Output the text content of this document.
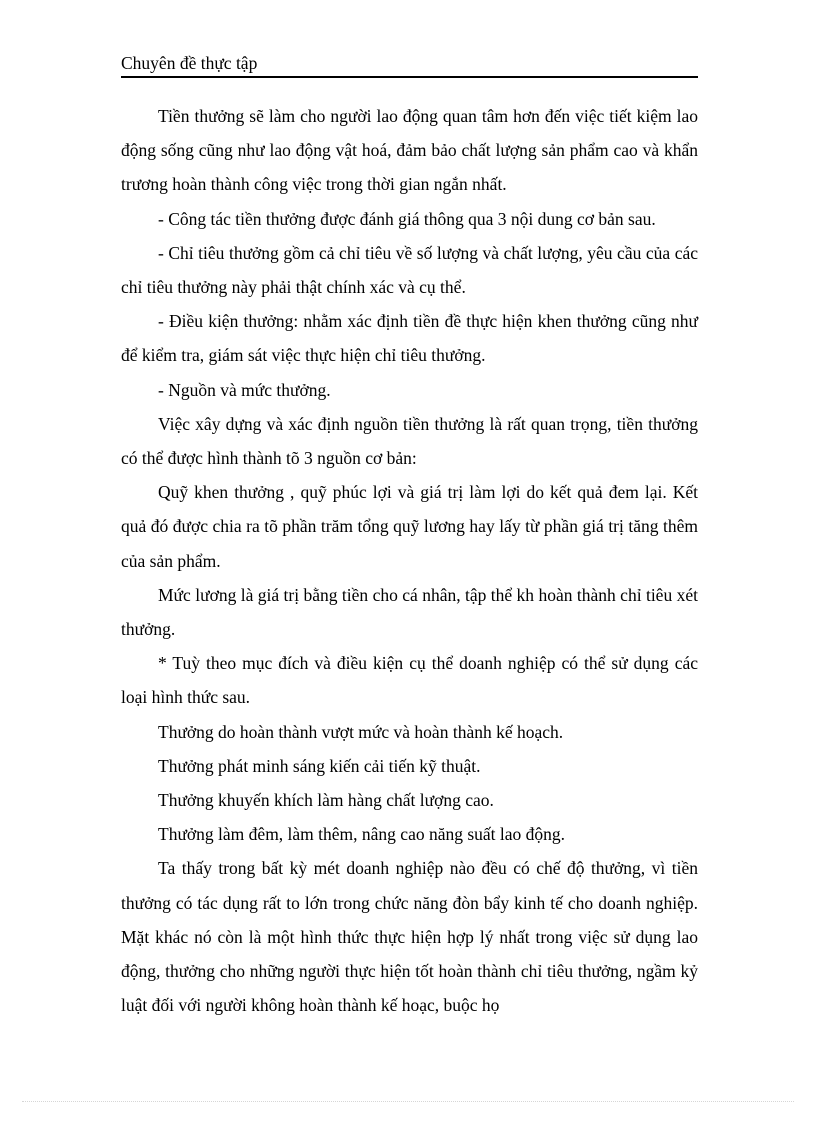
Chuyên đề thực tập

Tiền thưởng sẽ làm cho người lao động quan tâm hơn đến việc tiết kiệm lao động sống cũng như lao động vật hoá, đảm bảo chất lượng sản phẩm cao và khẩn trương hoàn thành công việc trong thời gian ngắn nhất.

- Công tác tiền thưởng được đánh giá thông qua 3 nội dung cơ bản sau.

- Chỉ tiêu thưởng gồm cả chỉ tiêu về số lượng và chất lượng, yêu cầu của các chỉ tiêu thưởng này phải thật chính xác và cụ thể.

- Điều kiện thưởng: nhằm xác định tiền đề thực hiện khen thưởng cũng như để kiểm tra, giám sát việc thực hiện chỉ tiêu thưởng.

- Nguồn và mức thưởng.

Việc xây dựng và xác định nguồn tiền thưởng là rất quan trọng, tiền thưởng có thể được hình thành tõ 3 nguồn cơ bản:

Quỹ khen thưởng , quỹ phúc lợi và giá trị làm lợi do kết quả đem lại. Kết quả đó được chia ra tõ phần trăm tổng quỹ lương hay lấy từ phần giá trị tăng thêm của sản phẩm.

Mức lương là giá trị bằng tiền cho cá nhân, tập thể kh hoàn thành chỉ tiêu xét thưởng.

* Tuỳ theo mục đích và điều kiện cụ thể doanh nghiệp có thể sử dụng các loại hình thức sau.

Thưởng do hoàn thành vượt mức và hoàn thành kế hoạch.

Thưởng phát minh sáng kiến cải tiến kỹ thuật.

Thưởng khuyến khích làm hàng chất lượng cao.

Thưởng làm đêm, làm thêm, nâng cao năng suất lao động.

Ta thấy trong bất kỳ mét doanh nghiệp nào đều có chế độ thưởng, vì tiền thưởng có tác dụng rất to lớn trong chức năng đòn bẩy kinh tế cho doanh nghiệp. Mặt khác nó còn là một hình thức thực hiện hợp lý nhất trong việc sử dụng lao động, thưởng cho những người thực hiện tốt hoàn thành chỉ tiêu thưởng, ngầm kỷ luật đối với người không hoàn thành kế hoạc, buộc họ
